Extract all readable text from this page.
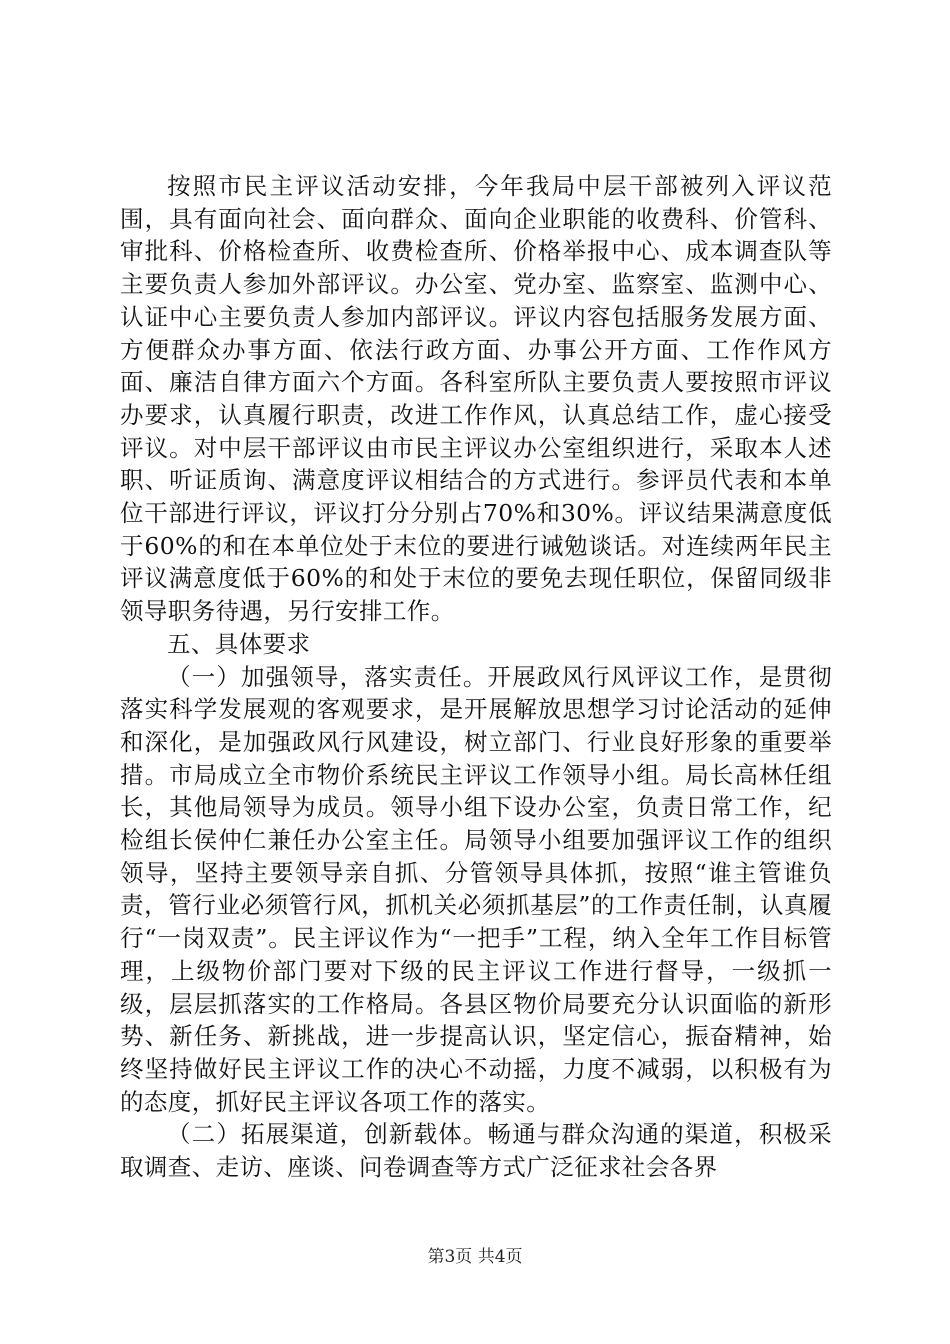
按照市民主评议活动安排，今年我局中层干部被列入评议范围，具有面向社会、面向群众、面向企业职能的收费科、价管科、审批科、价格检查所、收费检查所、价格举报中心、成本调查队等主要负责人参加外部评议。办公室、党办室、监察室、监测中心、认证中心主要负责人参加内部评议。评议内容包括服务发展方面、方便群众办事方面、依法行政方面、办事公开方面、工作作风方面、廉洁自律方面六个方面。各科室所队主要负责人要按照市评议办要求，认真履行职责，改进工作作风，认真总结工作，虚心接受评议。对中层干部评议由市民主评议办公室组织进行，采取本人述职、听证质询、满意度评议相结合的方式进行。参评员代表和本单位干部进行评议，评议打分分别占70%和30%。评议结果满意度低于60%的和在本单位处于末位的要进行诫勉谈话。对连续两年民主评议满意度低于60%的和处于末位的要免去现任职位，保留同级非领导职务待遇，另行安排工作。

五、具体要求

（一）加强领导，落实责任。开展政风行风评议工作，是贯彻落实科学发展观的客观要求，是开展解放思想学习讨论活动的延伸和深化，是加强政风行风建设，树立部门、行业良好形象的重要举措。市局成立全市物价系统民主评议工作领导小组。局长高林任组长，其他局领导为成员。领导小组下设办公室，负责日常工作，纪检组长侯仲仁兼任办公室主任。局领导小组要加强评议工作的组织领导，坚持主要领导亲自抓、分管领导具体抓，按照“谁主管谁负责，管行业必须管行风，抓机关必须抓基层”的工作责任制，认真履行“一岗双责”。民主评议作为“一把手”工程，纳入全年工作目标管理，上级物价部门要对下级的民主评议工作进行督导，一级抓一级，层层抓落实的工作格局。各县区物价局要充分认识面临的新形势、新任务、新挑战，进一步提高认识，坚定信心，振奋精神，始终坚持做好民主评议工作的决心不动摇，力度不减弱，以积极有为的态度，抓好民主评议各项工作的落实。

（二）拓展渠道，创新载体。畅通与群众沟通的渠道，积极采取调查、走访、座谈、问卷调查等方式广泛征求社会各界

第3页 共4页
